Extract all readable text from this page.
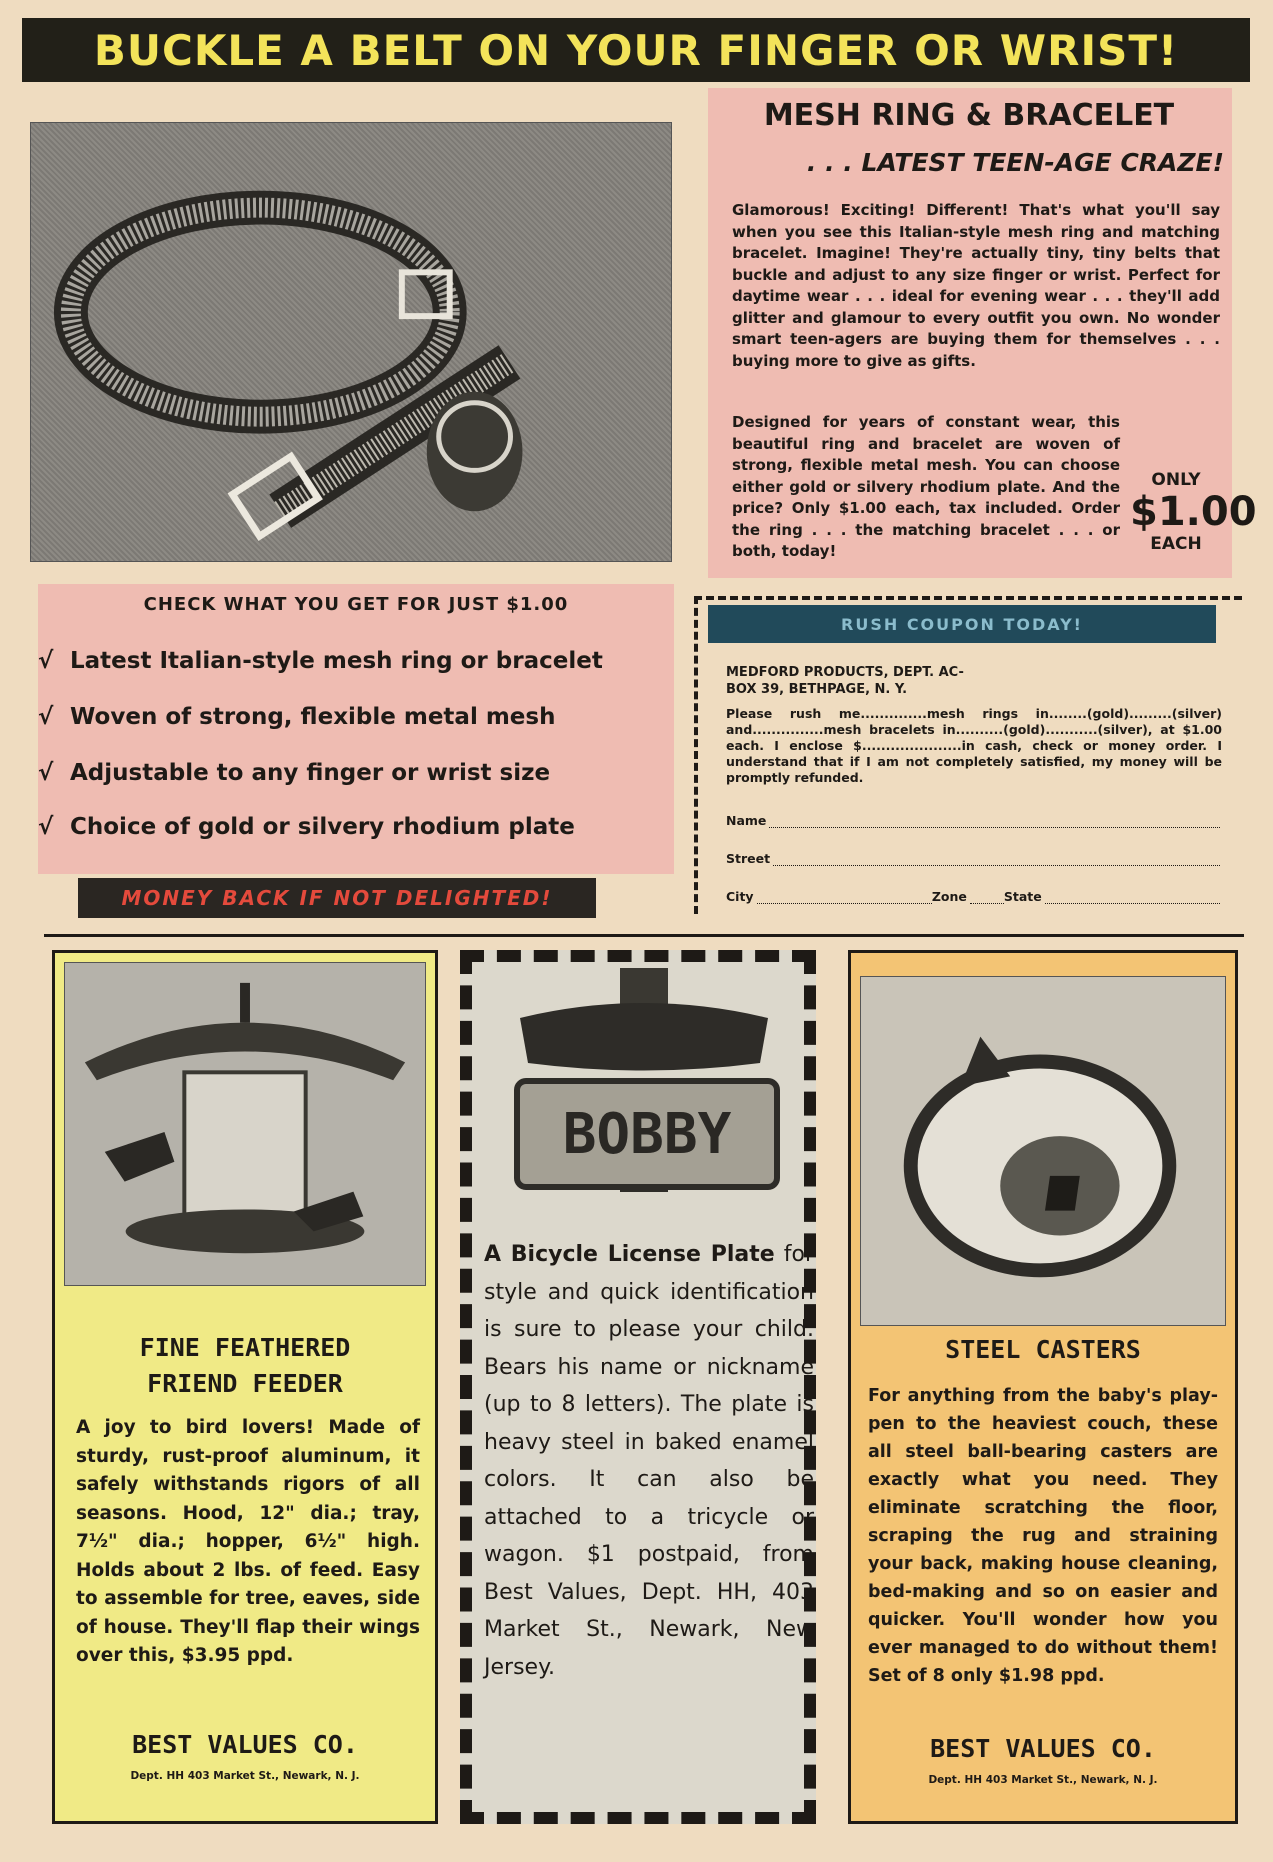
BUCKLE A BELT ON YOUR FINGER OR WRIST!
MESH RING & BRACELET
. . . LATEST TEEN-AGE CRAZE!
Glamorous! Exciting! Different! That's what you'll say when you see this Italian-style mesh ring and matching bracelet. Imagine! They're actually tiny, tiny belts that buckle and adjust to any size finger or wrist. Perfect for daytime wear . . . ideal for evening wear . . . they'll add glitter and glamour to every outfit you own. No wonder smart teen-agers are buying them for themselves . . . buying more to give as gifts.
Designed for years of constant wear, this beautiful ring and bracelet are woven of strong, flexible metal mesh. You can choose either gold or silvery rhodium plate. And the price? Only $1.00 each, tax included. Order the ring . . . the matching bracelet . . . or both, today!
ONLY
$1.00
EACH
CHECK WHAT YOU GET FOR JUST $1.00
√ Latest Italian-style mesh ring or bracelet
√ Woven of strong, flexible metal mesh
√ Adjustable to any finger or wrist size
√ Choice of gold or silvery rhodium plate
MONEY BACK IF NOT DELIGHTED!
RUSH COUPON TODAY!
MEDFORD PRODUCTS, DEPT. AC-
BOX 39, BETHPAGE, N. Y.
Please rush me..............mesh rings in........(gold).........(silver) and...............mesh bracelets in..........(gold)...........(silver), at $1.00 each. I enclose $.....................in cash, check or money order. I understand that if I am not completely satisfied, my money will be promptly refunded.
Name
Street
City	Zone	State
FINE FEATHERED
FRIEND FEEDER
A joy to bird lovers! Made of sturdy, rust-proof aluminum, it safely withstands rigors of all seasons. Hood, 12" dia.; tray, 7½" dia.; hopper, 6½" high. Holds about 2 lbs. of feed. Easy to assemble for tree, eaves, side of house. They'll flap their wings over this, $3.95 ppd.
BEST VALUES CO.
Dept. HH 403 Market St., Newark, N. J.
BOBBY
A Bicycle License Plate for style and quick identification is sure to please your child. Bears his name or nickname (up to 8 letters). The plate is heavy steel in baked enamel colors. It can also be attached to a tricycle or wagon. $1 postpaid, from Best Values, Dept. HH, 403 Market St., Newark, New Jersey.
STEEL CASTERS
For anything from the baby's play-pen to the heaviest couch, these all steel ball-bearing casters are exactly what you need. They eliminate scratching the floor, scraping the rug and straining your back, making house cleaning, bed-making and so on easier and quicker. You'll wonder how you ever managed to do without them! Set of 8 only $1.98 ppd.
BEST VALUES CO.
Dept. HH 403 Market St., Newark, N. J.
